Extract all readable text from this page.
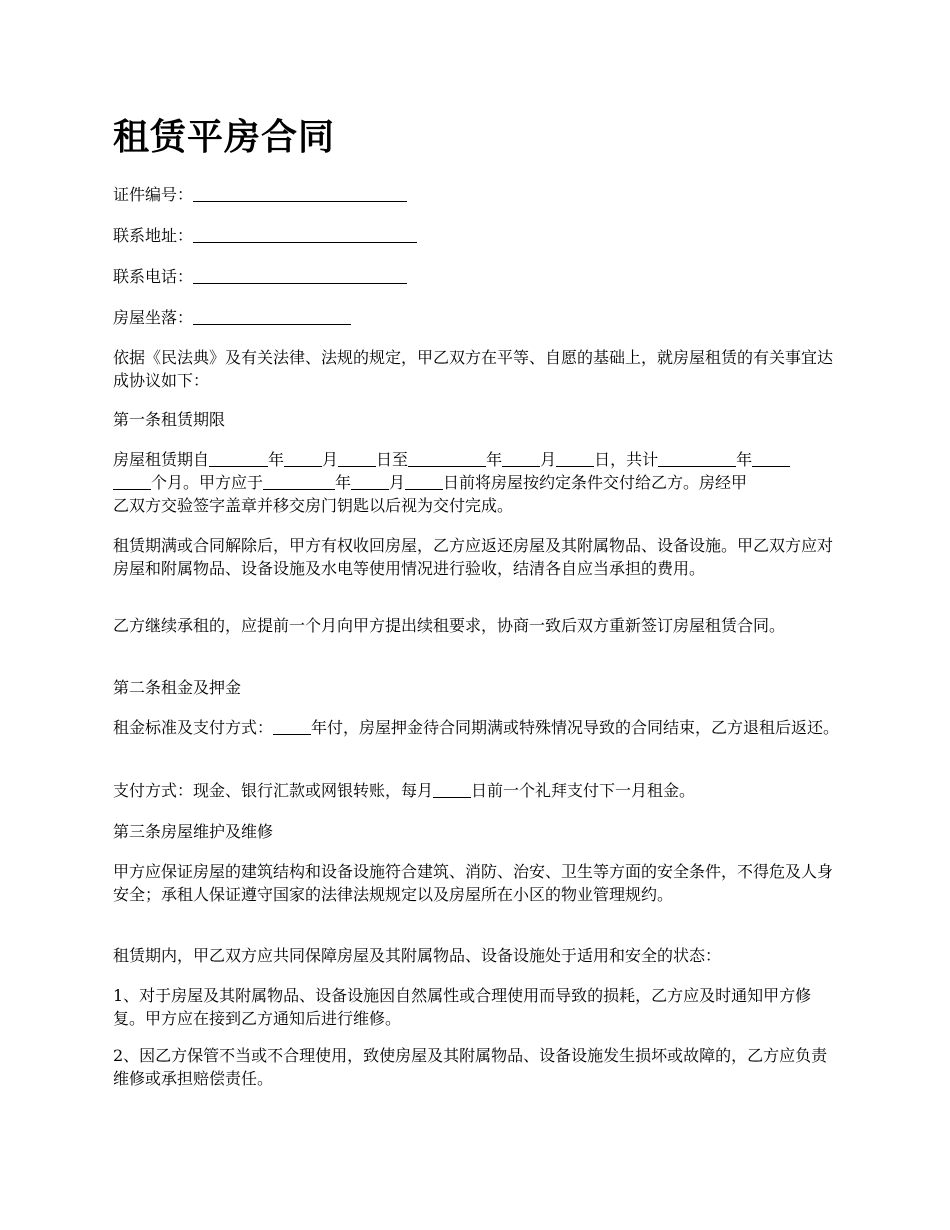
租赁平房合同

证件编号：

联系地址：

联系电话：

房屋坐落：

依据《民法典》及有关法律、法规的规定，甲乙双方在平等、自愿的基础上，就房屋租赁的有关事宜达成协议如下：

第一条租赁期限

房屋租赁期自	年 月 日至	年 月 日，共计	年
个月。甲方应于	年 月 日前将房屋按约定条件交付给乙方。房经甲
乙双方交验签字盖章并移交房门钥匙以后视为交付完成。

租赁期满或合同解除后，甲方有权收回房屋，乙方应返还房屋及其附属物品、设备设施。甲乙双方应对房屋和附属物品、设备设施及水电等使用情况进行验收，结清各自应当承担的费用。

乙方继续承租的，应提前一个月向甲方提出续租要求，协商一致后双方重新签订房屋租赁合同。

第二条租金及押金

租金标准及支付方式： 年付，房屋押金待合同期满或特殊情况导致的合同结束，乙方退租后返还。

支付方式：现金、银行汇款或网银转账，每月 日前一个礼拜支付下一月租金。

第三条房屋维护及维修

甲方应保证房屋的建筑结构和设备设施符合建筑、消防、治安、卫生等方面的安全条件，不得危及人身安全；承租人保证遵守国家的法律法规规定以及房屋所在小区的物业管理规约。

租赁期内，甲乙双方应共同保障房屋及其附属物品、设备设施处于适用和安全的状态：

1、对于房屋及其附属物品、设备设施因自然属性或合理使用而导致的损耗，乙方应及时通知甲方修复。甲方应在接到乙方通知后进行维修。

2、因乙方保管不当或不合理使用，致使房屋及其附属物品、设备设施发生损坏或故障的，乙方应负责维修或承担赔偿责任。
